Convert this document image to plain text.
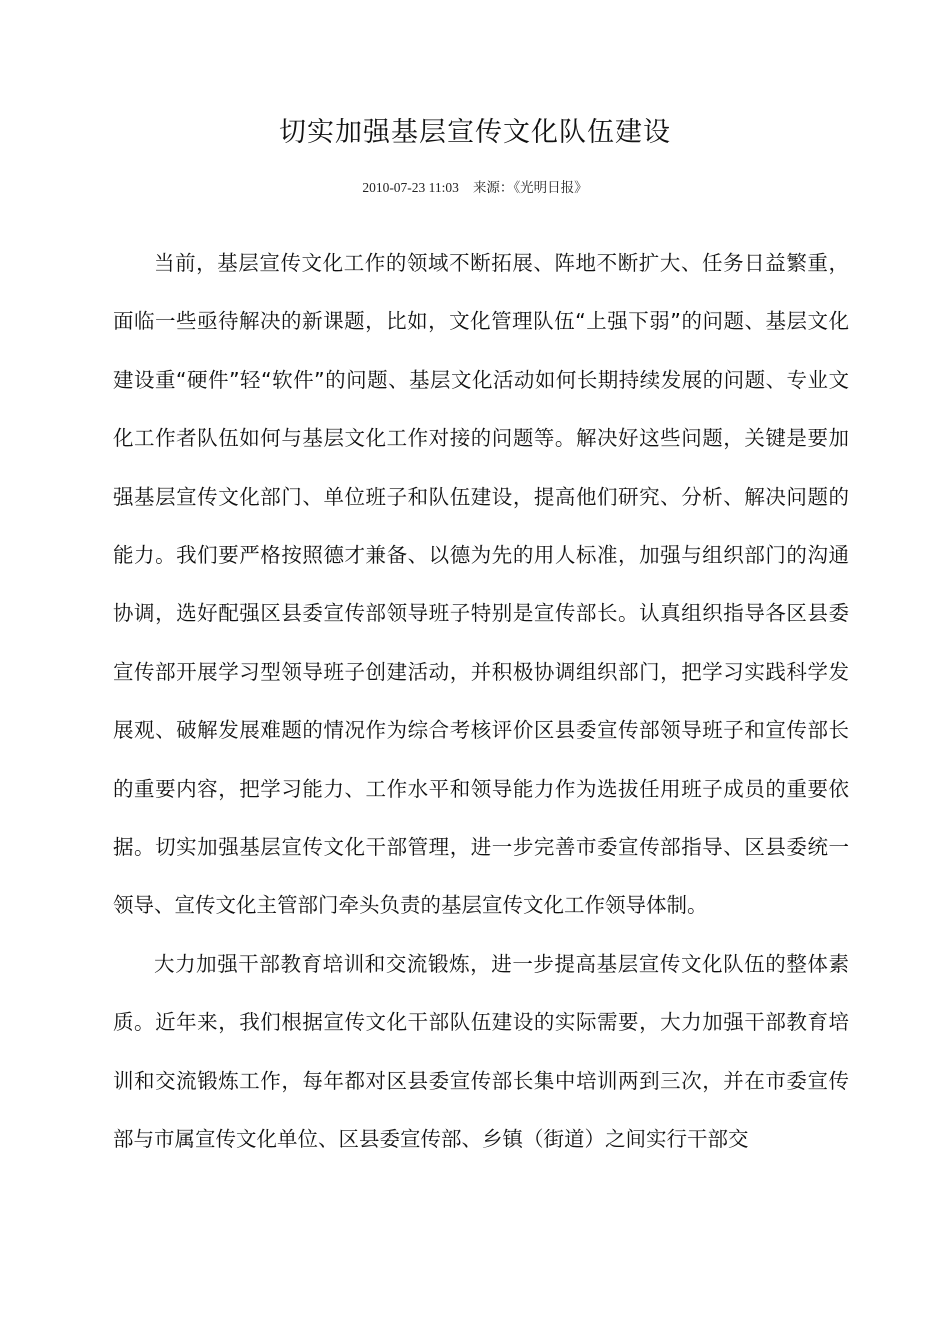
切实加强基层宣传文化队伍建设
2010-07-23 11:03 来源：《光明日报》

当前，基层宣传文化工作的领域不断拓展、阵地不断扩大、任务日益繁重，面临一些亟待解决的新课题，比如，文化管理队伍“上强下弱”的问题、基层文化建设重“硬件”轻“软件”的问题、基层文化活动如何长期持续发展的问题、专业文化工作者队伍如何与基层文化工作对接的问题等。解决好这些问题，关键是要加强基层宣传文化部门、单位班子和队伍建设，提高他们研究、分析、解决问题的能力。我们要严格按照德才兼备、以德为先的用人标准，加强与组织部门的沟通协调，选好配强区县委宣传部领导班子特别是宣传部长。认真组织指导各区县委宣传部开展学习型领导班子创建活动，并积极协调组织部门，把学习实践科学发展观、破解发展难题的情况作为综合考核评价区县委宣传部领导班子和宣传部长的重要内容，把学习能力、工作水平和领导能力作为选拔任用班子成员的重要依据。切实加强基层宣传文化干部管理，进一步完善市委宣传部指导、区县委统一领导、宣传文化主管部门牵头负责的基层宣传文化工作领导体制。

大力加强干部教育培训和交流锻炼，进一步提高基层宣传文化队伍的整体素质。近年来，我们根据宣传文化干部队伍建设的实际需要，大力加强干部教育培训和交流锻炼工作，每年都对区县委宣传部长集中培训两到三次，并在市委宣传部与市属宣传文化单位、区县委宣传部、乡镇（街道）之间实行干部交
